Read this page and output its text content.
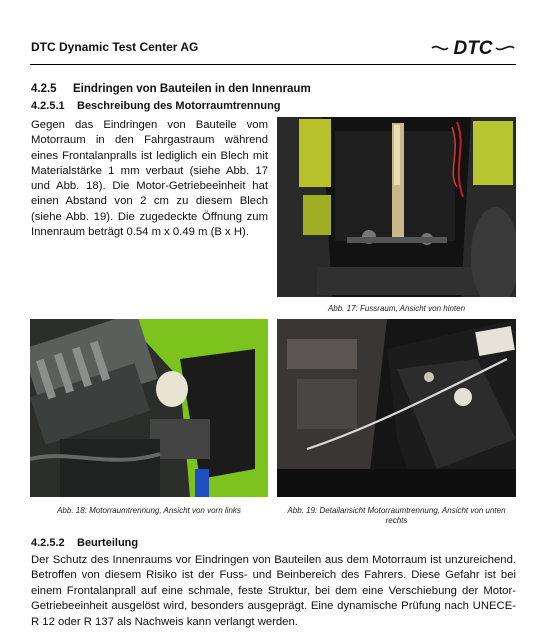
DTC Dynamic Test Center AG	DTC
4.2.5 Eindringen von Bauteilen in den Innenraum
4.2.5.1 Beschreibung des Motorraumtrennung

Gegen das Eindringen von Bauteile vom Motorraum in den Fahrgastraum während eines Frontalanpralls ist lediglich ein Blech mit Materialstärke 1 mm verbaut (siehe Abb. 17 und Abb. 18). Die Motor-Getriebeeinheit hat einen Abstand von 2 cm zu diesem Blech (siehe Abb. 19). Die zugedeckte Öffnung zum Innenraum beträgt 0.54 m x 0.49 m (B x H).

Abb. 17: Fussraum, Ansicht von hinten
Abb. 18: Motorraumtrennung, Ansicht von vorn links	Abb. 19: Detailansicht Motorraumtrennung, Ansicht von unten rechts
4.2.5.2 Beurteilung

Der Schutz des Innenraums vor Eindringen von Bauteilen aus dem Motorraum ist unzureichend. Betroffen von diesem Risiko ist der Fuss- und Beinbereich des Fahrers. Diese Gefahr ist bei einem Frontalanprall auf eine schmale, feste Struktur, bei dem eine Verschiebung der Motor-Getriebeeinheit ausgelöst wird, besonders ausgeprägt. Eine dynamische Prüfung nach UNECE-R 12 oder R 137 als Nachweis kann verlangt werden.
